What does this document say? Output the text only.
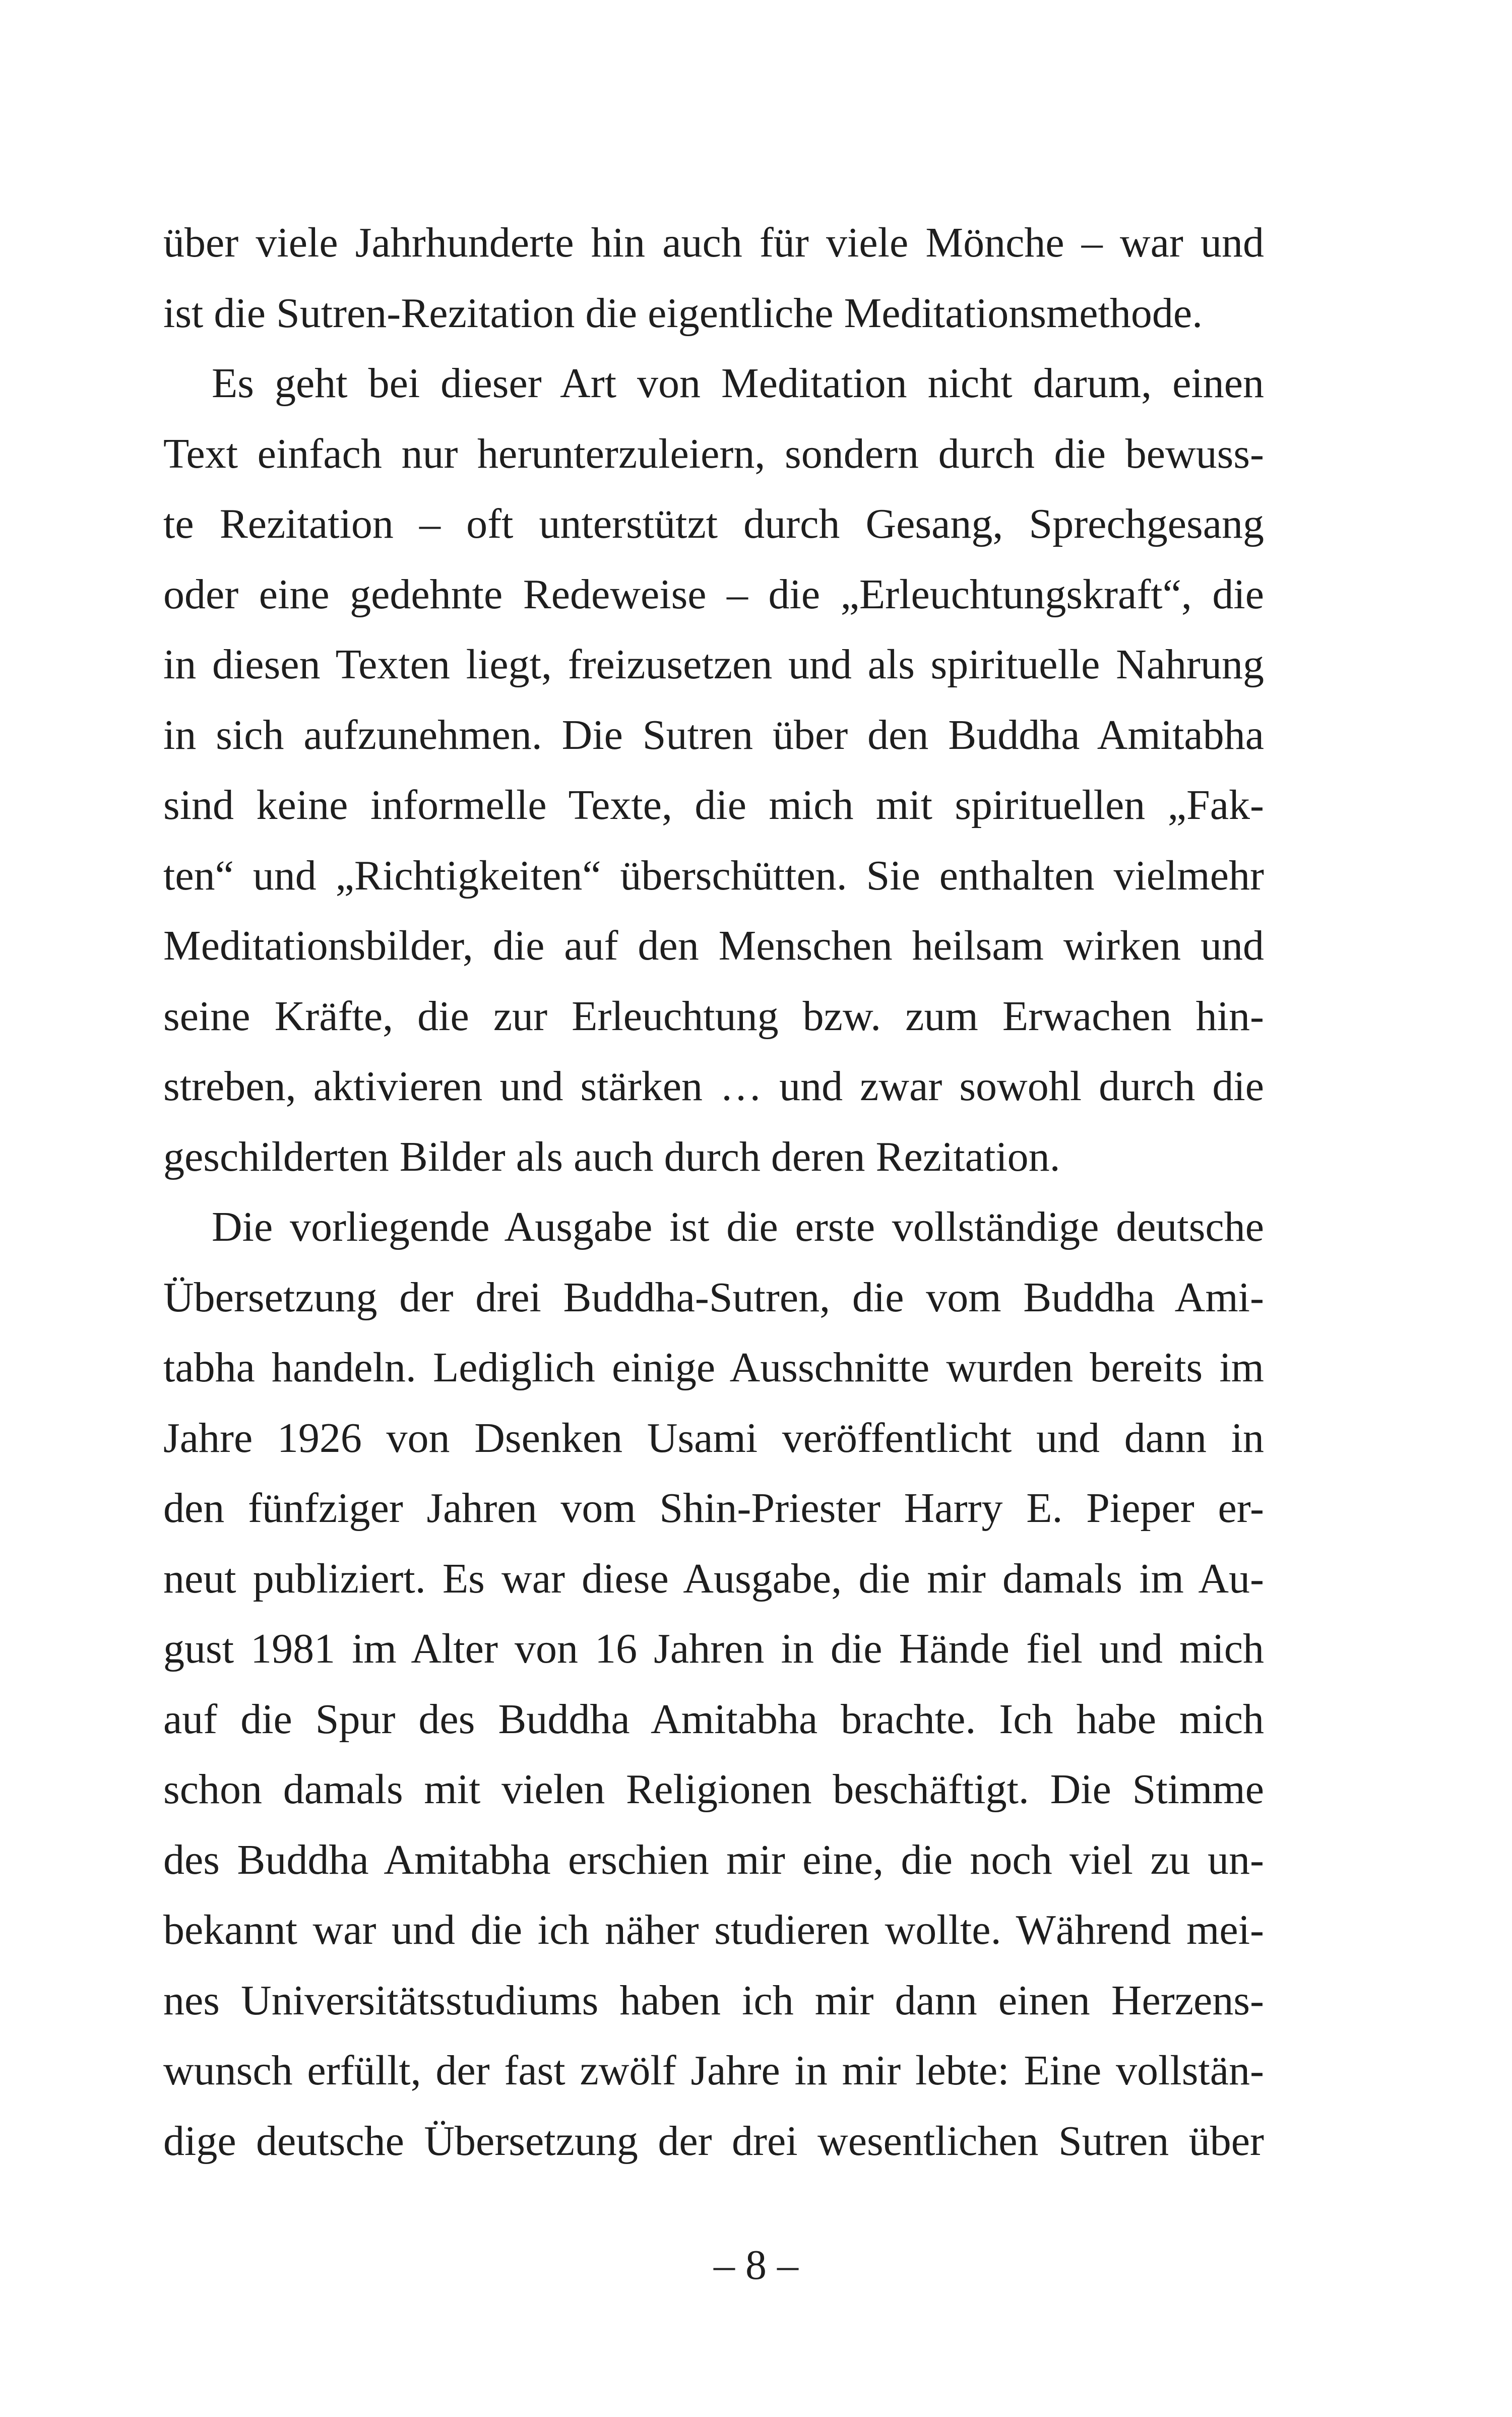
über viele Jahrhunderte hin auch für viele Mönche – war und
ist die Sutren-Rezitation die eigentliche Meditationsmethode.
Es geht bei dieser Art von Meditation nicht darum, einen
Text einfach nur herunterzuleiern, sondern durch die bewuss-
te Rezitation – oft unterstützt durch Gesang, Sprechgesang
oder eine gedehnte Redeweise – die „Erleuchtungskraft“, die
in diesen Texten liegt, freizusetzen und als spirituelle Nahrung
in sich aufzunehmen. Die Sutren über den Buddha Amitabha
sind keine informelle Texte, die mich mit spirituellen „Fak-
ten“ und „Richtigkeiten“ überschütten. Sie enthalten vielmehr
Meditationsbilder, die auf den Menschen heilsam wirken und
seine Kräfte, die zur Erleuchtung bzw. zum Erwachen hin-
streben, aktivieren und stärken … und zwar sowohl durch die
geschilderten Bilder als auch durch deren Rezitation.
Die vorliegende Ausgabe ist die erste vollständige deutsche
Übersetzung der drei Buddha-Sutren, die vom Buddha Ami-
tabha handeln. Lediglich einige Ausschnitte wurden bereits im
Jahre 1926 von Dsenken Usami veröffentlicht und dann in
den fünfziger Jahren vom Shin-Priester Harry E. Pieper er-
neut publiziert. Es war diese Ausgabe, die mir damals im Au-
gust 1981 im Alter von 16 Jahren in die Hände fiel und mich
auf die Spur des Buddha Amitabha brachte. Ich habe mich
schon damals mit vielen Religionen beschäftigt. Die Stimme
des Buddha Amitabha erschien mir eine, die noch viel zu un-
bekannt war und die ich näher studieren wollte. Während mei-
nes Universitätsstudiums haben ich mir dann einen Herzens-
wunsch erfüllt, der fast zwölf Jahre in mir lebte: Eine vollstän-
dige deutsche Übersetzung der drei wesentlichen Sutren über
– 8 –
